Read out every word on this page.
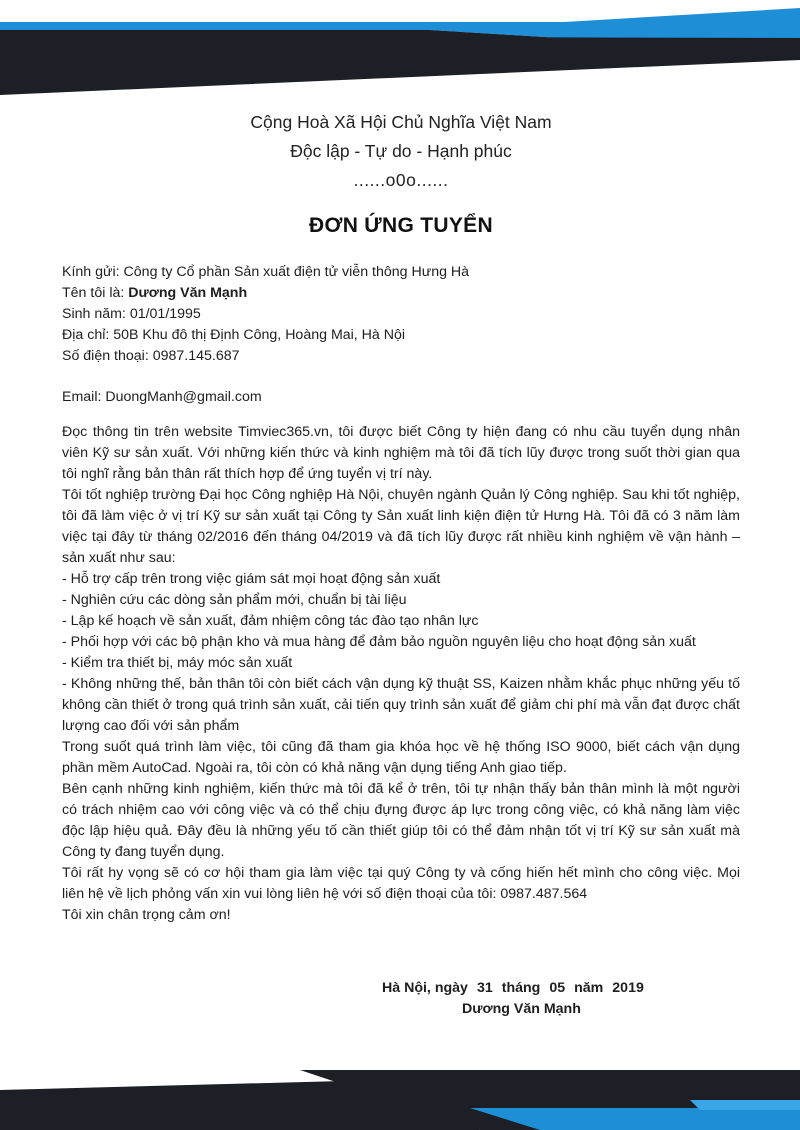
Cộng Hoà Xã Hội Chủ Nghĩa Việt Nam
Độc lập - Tự do - Hạnh phúc
......o0o......
ĐƠN ỨNG TUYỂN
Kính gửi: Công ty Cổ phần Sản xuất điện tử viễn thông Hưng Hà
Tên tôi là: Dương Văn Mạnh
Sinh năm: 01/01/1995
Địa chỉ: 50B Khu đô thị Định Công, Hoàng Mai, Hà Nội
Số điện thoại: 0987.145.687
Email: DuongManh@gmail.com

Đọc thông tin trên website Timviec365.vn, tôi được biết Công ty hiện đang có nhu cầu tuyển dụng nhân viên Kỹ sư sản xuất. Với những kiến thức và kinh nghiệm mà tôi đã tích lũy được trong suốt thời gian qua tôi nghĩ rằng bản thân rất thích hợp để ứng tuyển vị trí này.

Tôi tốt nghiệp trường Đại học Công nghiệp Hà Nội, chuyên ngành Quản lý Công nghiệp. Sau khi tốt nghiệp, tôi đã làm việc ở vị trí Kỹ sư sản xuất tại Công ty Sản xuất linh kiện điện tử Hưng Hà. Tôi đã có 3 năm làm việc tại đây từ tháng 02/2016 đến tháng 04/2019 và đã tích lũy được rất nhiều kinh nghiệm về vận hành – sản xuất như sau:

- Hỗ trợ cấp trên trong việc giám sát mọi hoạt động sản xuất
- Nghiên cứu các dòng sản phẩm mới, chuẩn bị tài liệu
- Lập kế hoạch về sản xuất, đảm nhiệm công tác đào tạo nhân lực
- Phối hợp với các bộ phận kho và mua hàng để đảm bảo nguồn nguyên liệu cho hoạt động sản xuất
- Kiểm tra thiết bị, máy móc sản xuất
- Không những thế, bản thân tôi còn biết cách vận dụng kỹ thuật SS, Kaizen nhằm khắc phục những yếu tố không cần thiết ở trong quá trình sản xuất, cải tiến quy trình sản xuất để giảm chi phí mà vẫn đạt được chất lượng cao đối với sản phẩm

Trong suốt quá trình làm việc, tôi cũng đã tham gia khóa học về hệ thống ISO 9000, biết cách vận dụng phần mềm AutoCad. Ngoài ra, tôi còn có khả năng vận dụng tiếng Anh giao tiếp.

Bên cạnh những kinh nghiệm, kiến thức mà tôi đã kể ở trên, tôi tự nhận thấy bản thân mình là một người có trách nhiệm cao với công việc và có thể chịu đựng được áp lực trong công việc, có khả năng làm việc độc lập hiệu quả. Đây đều là những yếu tố cần thiết giúp tôi có thể đảm nhận tốt vị trí Kỹ sư sản xuất mà Công ty đang tuyển dụng.

Tôi rất hy vọng sẽ có cơ hội tham gia làm việc tại quý Công ty và cống hiến hết mình cho công việc. Mọi liên hệ về lịch phỏng vấn xin vui lòng liên hệ với số điện thoại của tôi: 0987.487.564

Tôi xin chân trọng cảm ơn!

Hà Nội, ngày 31 tháng 05 năm 2019
Dương Văn Mạnh
